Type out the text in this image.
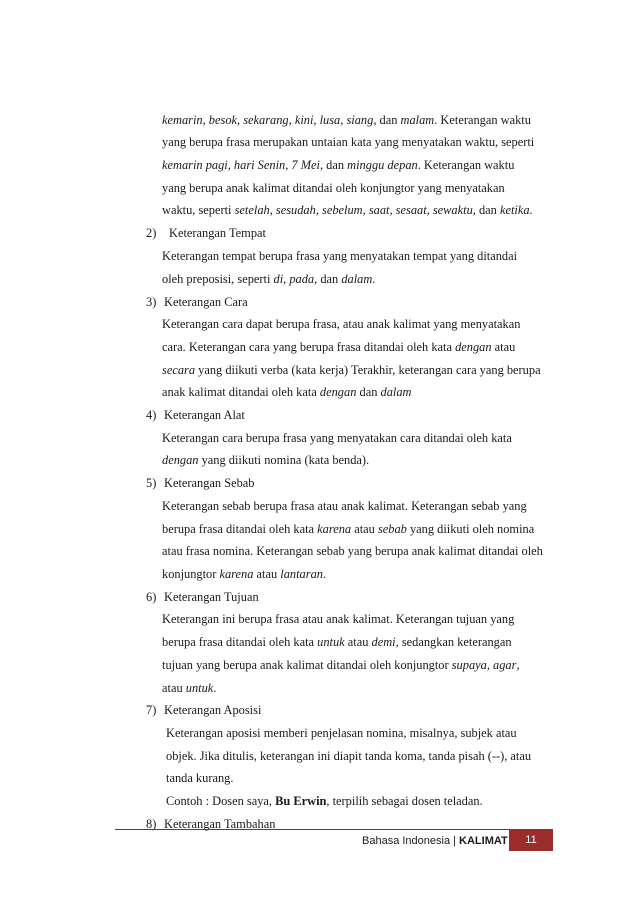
kemarin, besok, sekarang, kini, lusa, siang, dan malam. Keterangan waktu
yang berupa frasa merupakan untaian kata yang menyatakan waktu, seperti
kemarin pagi, hari Senin, 7 Mei, dan minggu depan. Keterangan waktu
yang berupa anak kalimat ditandai oleh konjungtor yang menyatakan
waktu, seperti setelah, sesudah, sebelum, saat, sesaat, sewaktu, dan ketika.
2) Keterangan Tempat
Keterangan tempat berupa frasa yang menyatakan tempat yang ditandai
oleh preposisi, seperti di, pada, dan dalam.
3) Keterangan Cara
Keterangan cara dapat berupa frasa, atau anak kalimat yang menyatakan
cara. Keterangan cara yang berupa frasa ditandai oleh kata dengan atau
secara yang diikuti verba (kata kerja) Terakhir, keterangan cara yang berupa
anak kalimat ditandai oleh kata dengan dan dalam
4) Keterangan Alat
Keterangan cara berupa frasa yang menyatakan cara ditandai oleh kata
dengan yang diikuti nomina (kata benda).
5) Keterangan Sebab
Keterangan sebab berupa frasa atau anak kalimat. Keterangan sebab yang
berupa frasa ditandai oleh kata karena atau sebab yang diikuti oleh nomina
atau frasa nomina. Keterangan sebab yang berupa anak kalimat ditandai oleh
konjungtor karena atau lantaran.
6) Keterangan Tujuan
Keterangan ini berupa frasa atau anak kalimat. Keterangan tujuan yang
berupa frasa ditandai oleh kata untuk atau demi, sedangkan keterangan
tujuan yang berupa anak kalimat ditandai oleh konjungtor supaya, agar,
atau untuk.
7) Keterangan Aposisi
Keterangan aposisi memberi penjelasan nomina, misalnya, subjek atau
objek. Jika ditulis, keterangan ini diapit tanda koma, tanda pisah (--), atau
tanda kurang.
Contoh : Dosen saya, Bu Erwin, terpilih sebagai dosen teladan.
8) Keterangan Tambahan
Bahasa Indonesia | KALIMAT	11
